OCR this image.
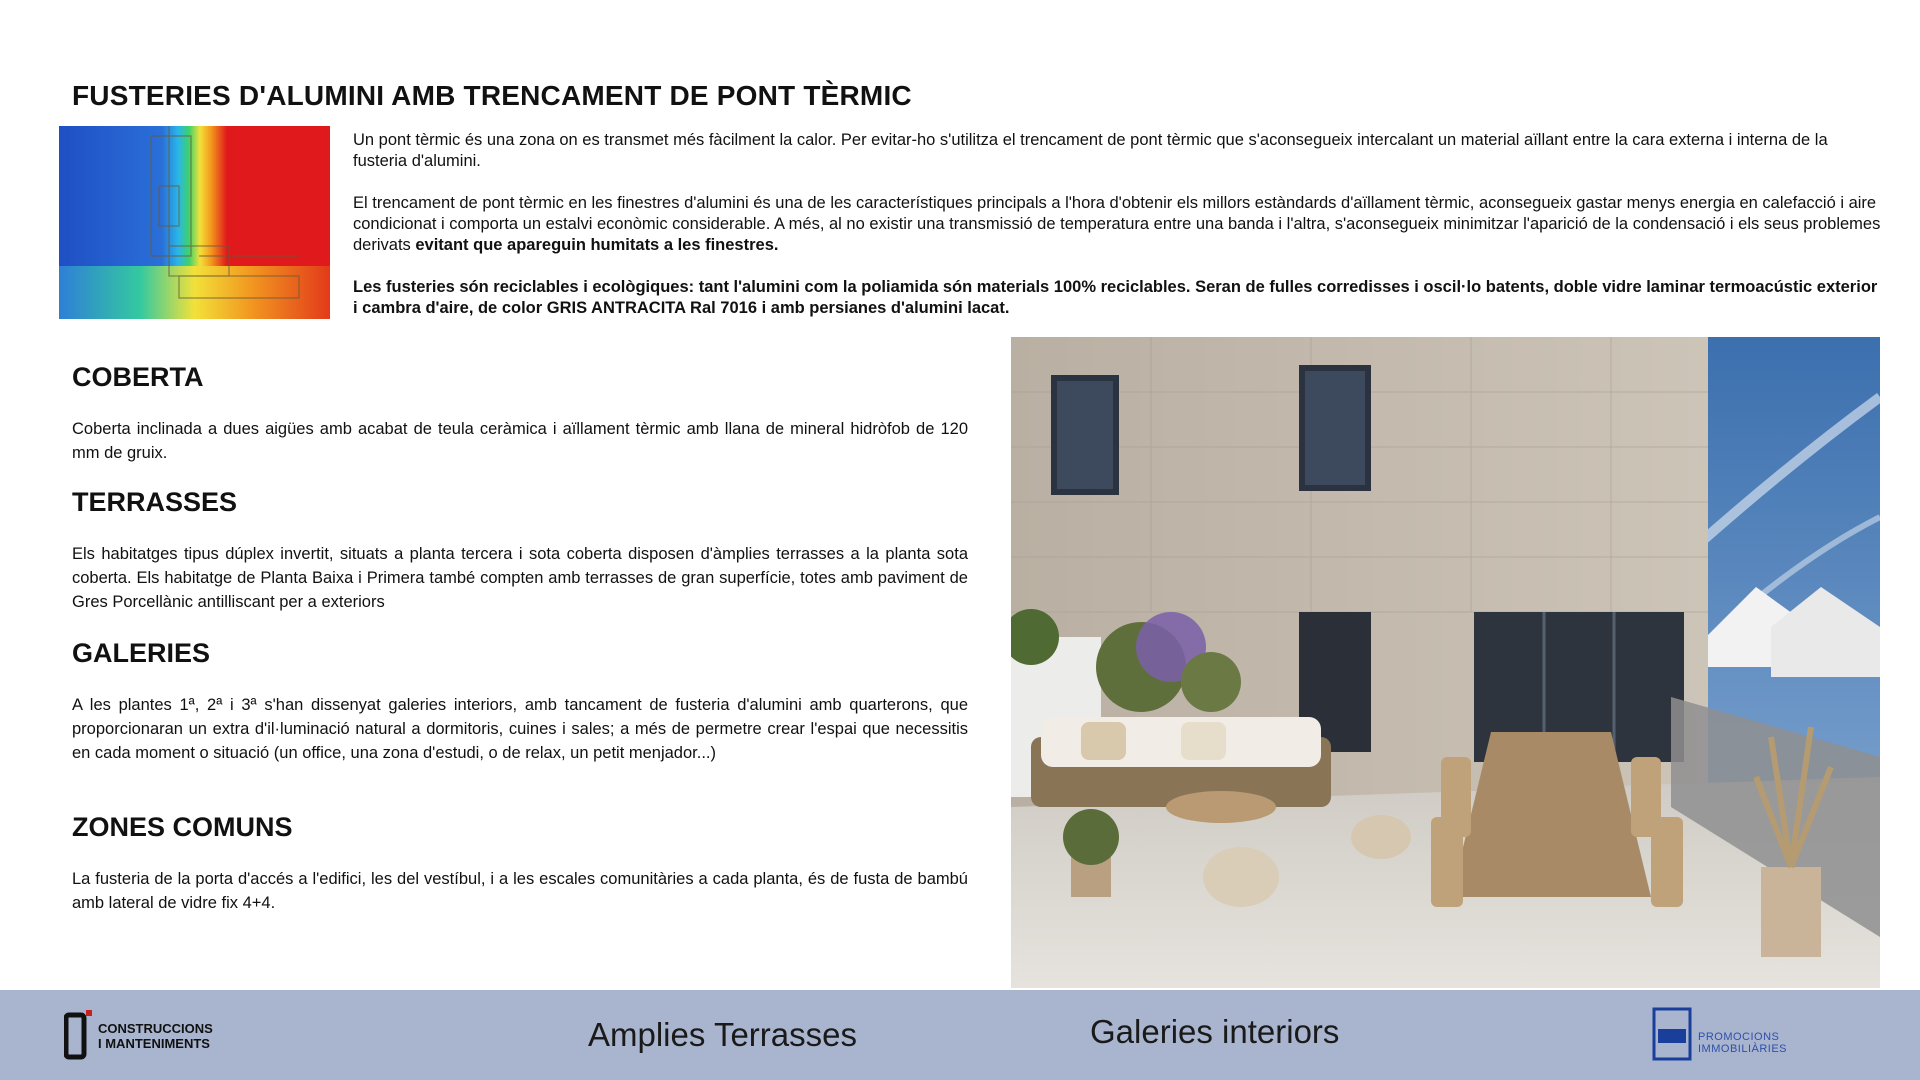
FUSTERIES D'ALUMINI AMB TRENCAMENT DE PONT TÈRMIC

Un pont tèrmic és una zona on es transmet més fàcilment la calor. Per evitar-ho s'utilitza el trencament de pont tèrmic que s'aconsegueix intercalant un material aïllant entre la cara externa i interna de la fusteria d'alumini.

El trencament de pont tèrmic en les finestres d'alumini és una de les característiques principals a l'hora d'obtenir els millors estàndards d'aïllament tèrmic, aconsegueix gastar menys energia en calefacció i aire condicionat i comporta un estalvi econòmic considerable. A més, al no existir una transmissió de temperatura entre una banda i l'altra, s'aconsegueix minimitzar l'aparició de la condensació i els seus problemes derivats evitant que apareguin humitats a les finestres.

Les fusteries són reciclables i ecològiques: tant l'alumini com la poliamida són materials 100% reciclables. Seran de fulles corredisses i oscil·lo batents, doble vidre laminar termoacústic exterior i cambra d'aire, de color GRIS ANTRACITA Ral 7016 i amb persianes d'alumini lacat.

COBERTA

Coberta inclinada a dues aigües amb acabat de teula ceràmica i aïllament tèrmic amb llana de mineral hidròfob de 120 mm de gruix.

TERRASSES

Els habitatges tipus dúplex invertit, situats a planta tercera i sota coberta disposen d'àmplies terrasses a la planta sota coberta. Els habitatge de Planta Baixa i Primera també compten amb terrasses de gran superfície, totes amb paviment de Gres Porcellànic antilliscant per a exteriors

GALERIES

A les plantes 1ª, 2ª i 3ª s'han dissenyat galeries interiors, amb tancament de fusteria d'alumini amb quarterons, que proporcionaran un extra d'il·luminació natural a dormitoris, cuines i sales; a més de permetre crear l'espai que necessitis en cada moment o situació (un office, una zona d'estudi, o de relax, un petit menjador...)

ZONES COMUNS

La fusteria de la porta d'accés a l'edifici, les del vestíbul, i a les escales comunitàries a cada planta, és de fusta de bambú amb lateral de vidre fix 4+4.

CONSTRUCCIONS
I MANTENIMENTS	Amplies Terrasses	Galeries interiors	PROMOCIONS IMMOBILIÀRIES
